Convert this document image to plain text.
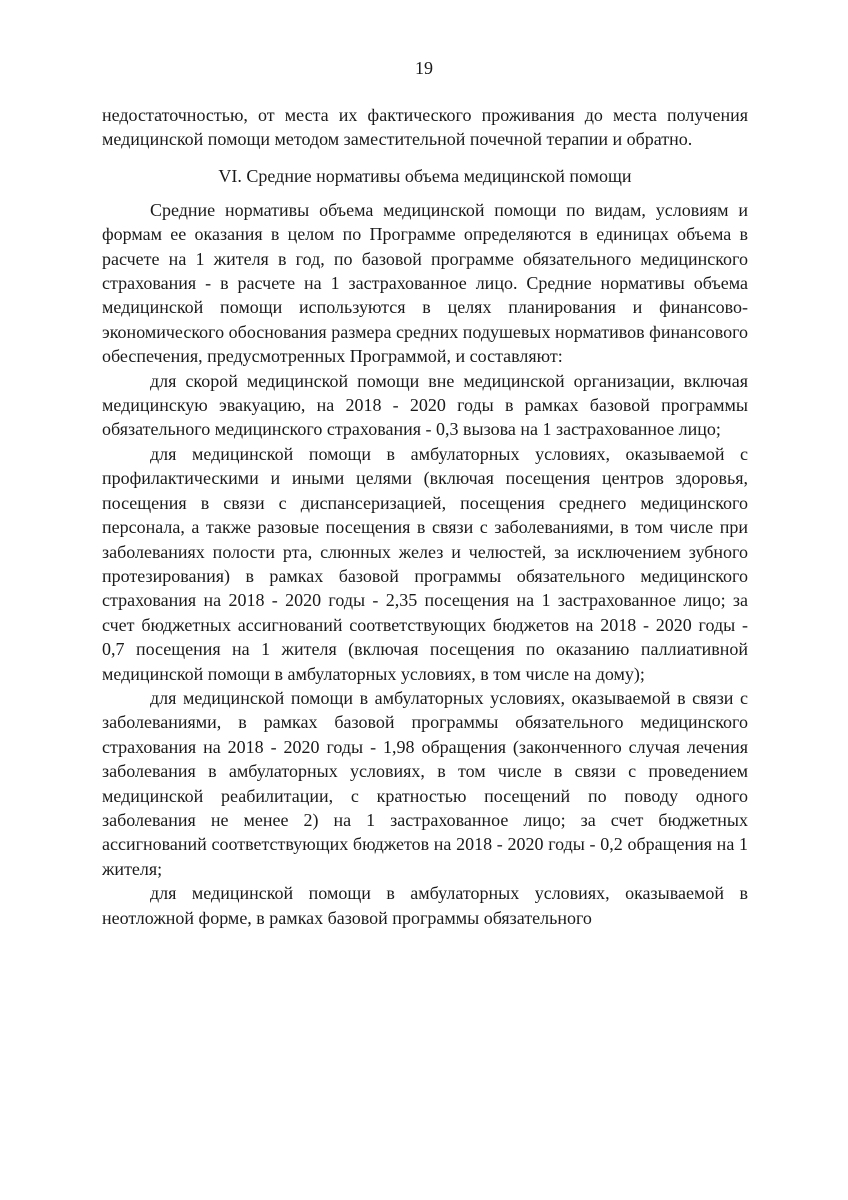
19

недостаточностью, от места их фактического проживания до места получения медицинской помощи методом заместительной почечной терапии и обратно.

VI. Средние нормативы объема медицинской помощи

Средние нормативы объема медицинской помощи по видам, условиям и формам ее оказания в целом по Программе определяются в единицах объема в расчете на 1 жителя в год, по базовой программе обязательного медицинского страхования - в расчете на 1 застрахованное лицо. Средние нормативы объема медицинской помощи используются в целях планирования и финансово-экономического обоснования размера средних подушевых нормативов финансового обеспечения, предусмотренных Программой, и составляют:

для скорой медицинской помощи вне медицинской организации, включая медицинскую эвакуацию, на 2018 - 2020 годы в рамках базовой программы обязательного медицинского страхования - 0,3 вызова на 1 застрахованное лицо;

для медицинской помощи в амбулаторных условиях, оказываемой с профилактическими и иными целями (включая посещения центров здоровья, посещения в связи с диспансеризацией, посещения среднего медицинского персонала, а также разовые посещения в связи с заболеваниями, в том числе при заболеваниях полости рта, слюнных желез и челюстей, за исключением зубного протезирования) в рамках базовой программы обязательного медицинского страхования на 2018 - 2020 годы - 2,35 посещения на 1 застрахованное лицо; за счет бюджетных ассигнований соответствующих бюджетов на 2018 - 2020 годы - 0,7 посещения на 1 жителя (включая посещения по оказанию паллиативной медицинской помощи в амбулаторных условиях, в том числе на дому);

для медицинской помощи в амбулаторных условиях, оказываемой в связи с заболеваниями, в рамках базовой программы обязательного медицинского страхования на 2018 - 2020 годы - 1,98 обращения (законченного случая лечения заболевания в амбулаторных условиях, в том числе в связи с проведением медицинской реабилитации, с кратностью посещений по поводу одного заболевания не менее 2) на 1 застрахованное лицо; за счет бюджетных ассигнований соответствующих бюджетов на 2018 - 2020 годы - 0,2 обращения на 1 жителя;

для медицинской помощи в амбулаторных условиях, оказываемой в неотложной форме, в рамках базовой программы обязательного
